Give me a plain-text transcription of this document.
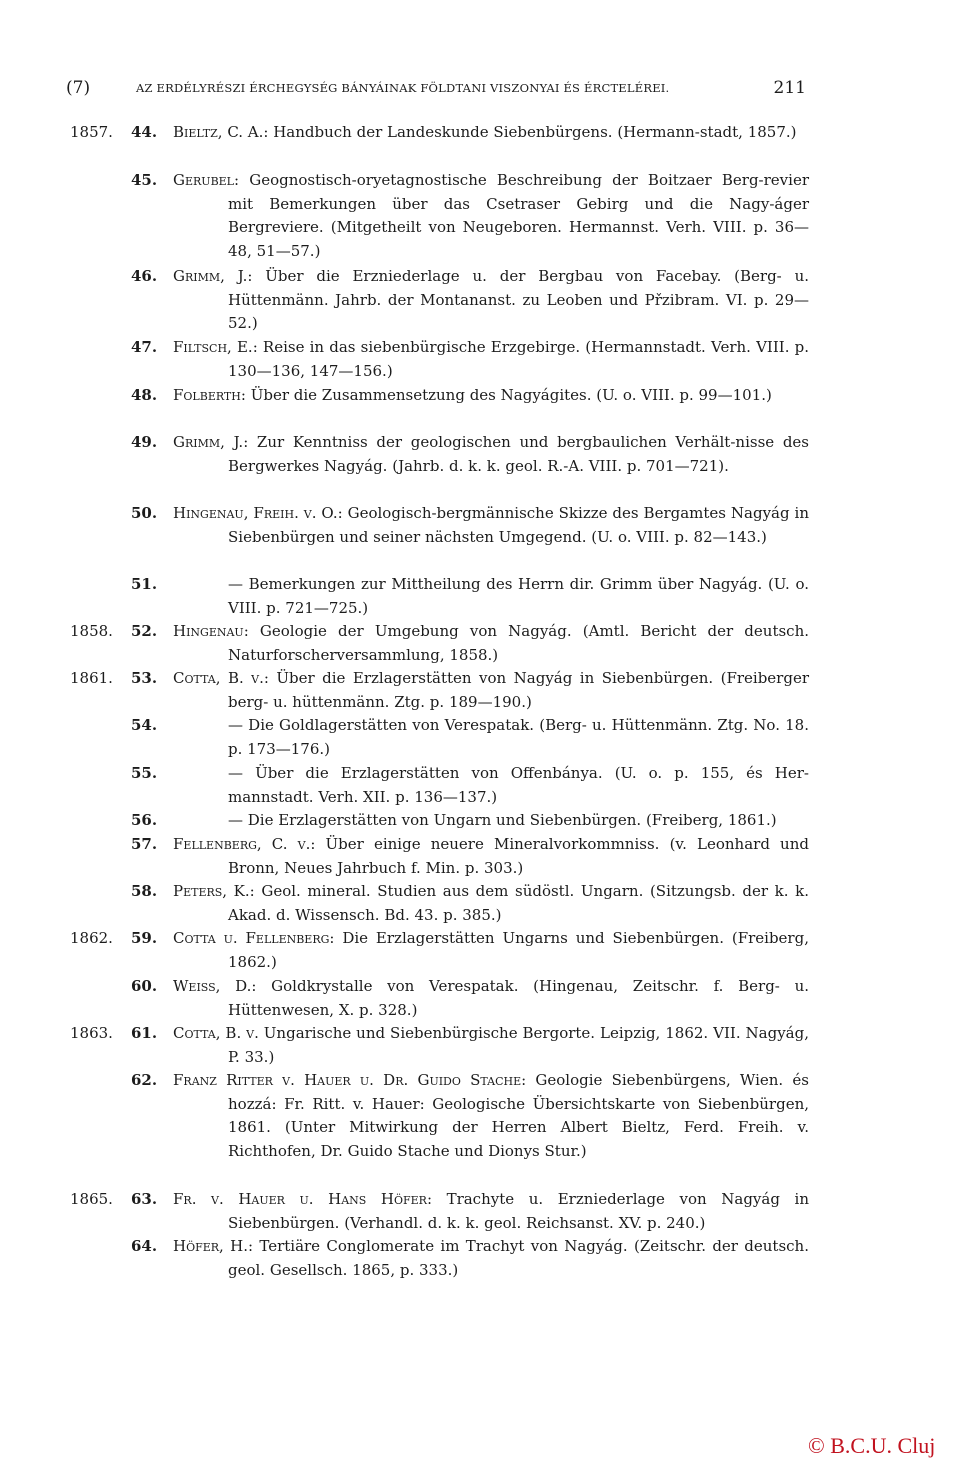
(7)	AZ ERDÉLYRÉSZI ÉRCHEGYSÉG BÁNYÁINAK FÖLDTANI VISZONYAI ÉS ÉRCTELÉREI.	211
1857. 44. Bieltz, C. A.: Handbuch der Landeskunde Siebenbürgens. (Hermann-stadt, 1857.)
45. Gerubel: Geognostisch-oryetagnostische Beschreibung der Boitzaer Berg-revier mit Bemerkungen über das Csetraser Gebirg und die Nagy-áger Bergreviere. (Mitgetheilt von Neugeboren. Hermannst. Verh. VIII. p. 36—48, 51—57.)
46. Grimm, J.: Über die Erzniederlage u. der Bergbau von Facebay. (Berg- u. Hüttenmänn. Jahrb. der Montananst. zu Leoben und Přzibram. VI. p. 29—52.)
47. Filtsch, E.: Reise in das siebenbürgische Erzgebirge. (Hermannstadt. Verh. VIII. p. 130—136, 147—156.)
48. Folberth: Über die Zusammensetzung des Nagyágites. (U. o. VIII. p. 99—101.)
49. Grimm, J.: Zur Kenntniss der geologischen und bergbaulichen Verhält-nisse des Bergwerkes Nagyág. (Jahrb. d. k. k. geol. R.-A. VIII. p. 701—721).
50. Hingenau, Freih. v. O.: Geologisch-bergmännische Skizze des Bergamtes Nagyág in Siebenbürgen und seiner nächsten Umgegend. (U. o. VIII. p. 82—143.)
51.	— Bemerkungen zur Mittheilung des Herrn dir. Grimm über Nagyág. (U. o. VIII. p. 721—725.)
1858. 52. Hingenau: Geologie der Umgebung von Nagyág. (Amtl. Bericht der deutsch. Naturforscherversammlung, 1858.)
1861. 53. Cotta, B. v.: Über die Erzlagerstätten von Nagyág in Siebenbürgen. (Freiberger berg- u. hüttenmänn. Ztg. p. 189—190.)
54.	— Die Goldlagerstätten von Verespatak. (Berg- u. Hüttenmänn. Ztg. No. 18. p. 173—176.)
55.	— Über die Erzlagerstätten von Offenbánya. (U. o. p. 155, és Her-mannstadt. Verh. XII. p. 136—137.)
56.	— Die Erzlagerstätten von Ungarn und Siebenbürgen. (Freiberg, 1861.)
57. Fellenberg, C. v.: Über einige neuere Mineralvorkommniss. (v. Leonhard und Bronn, Neues Jahrbuch f. Min. p. 303.)
58. Peters, K.: Geol. mineral. Studien aus dem südöstl. Ungarn. (Sitzungsb. der k. k. Akad. d. Wissensch. Bd. 43. p. 385.)
1862. 59. Cotta u. Fellenberg: Die Erzlagerstätten Ungarns und Siebenbürgen. (Freiberg, 1862.)
60. Weiss, D.: Goldkrystalle von Verespatak. (Hingenau, Zeitschr. f. Berg- u. Hüttenwesen, X. p. 328.)
1863. 61. Cotta, B. v. Ungarische und Siebenbürgische Bergorte. Leipzig, 1862. VII. Nagyág, P. 33.)
62. Franz Ritter v. Hauer u. Dr. Guido Stache: Geologie Siebenbürgens, Wien. és hozzá: Fr. Ritt. v. Hauer: Geologische Übersichtskarte von Siebenbürgen, 1861. (Unter Mitwirkung der Herren Albert Bieltz, Ferd. Freih. v. Richthofen, Dr. Guido Stache und Dionys Stur.)
1865. 63. Fr. v. Hauer u. Hans Höfer: Trachyte u. Erzniederlage von Nagyág in Siebenbürgen. (Verhandl. d. k. k. geol. Reichsanst. XV. p. 240.)
64. Höfer, H.: Tertiäre Conglomerate im Trachyt von Nagyág. (Zeitschr. der deutsch. geol. Gesellsch. 1865, p. 333.)
© B.C.U. Cluj
